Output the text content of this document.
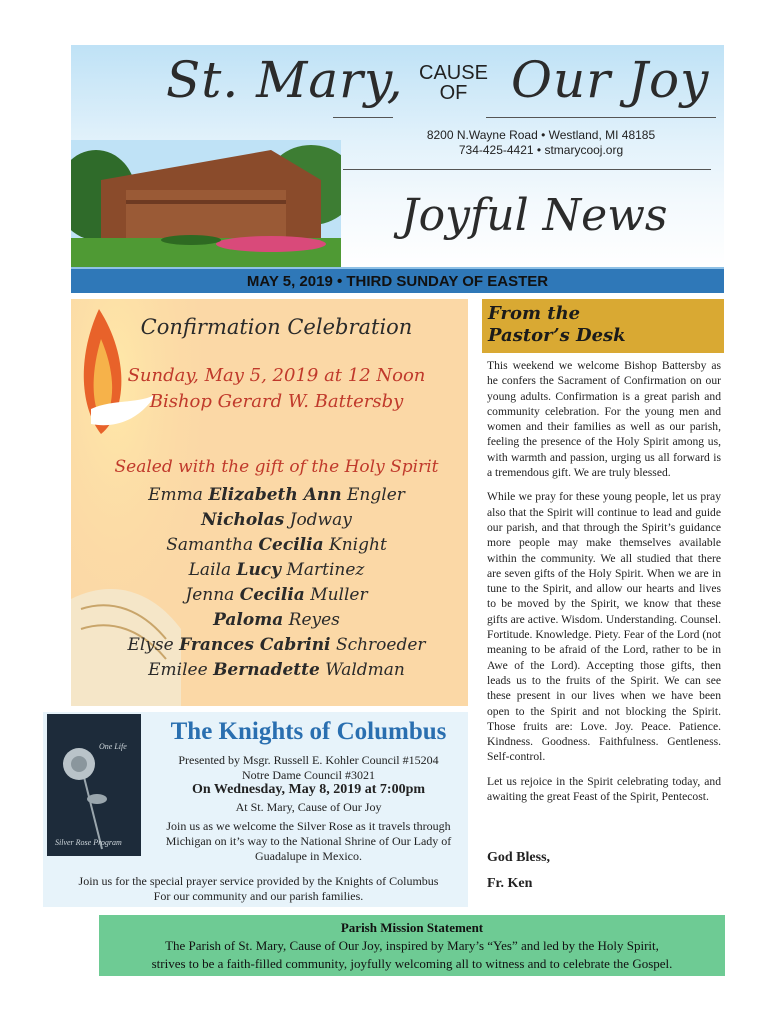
St. Mary, CAUSE
OF Our Joy
8200 N.Wayne Road • Westland, MI 48185
734-425-4421 • stmarycooj.org
Joyful News
MAY 5, 2019 • THIRD SUNDAY OF EASTER
Confirmation Celebration
Sunday, May 5, 2019 at 12 Noon
Bishop Gerard W. Battersby
Sealed with the gift of the Holy Spirit
Emma Elizabeth Ann Engler
Nicholas Jodway
Samantha Cecilia Knight
Laila Lucy Martinez
Jenna Cecilia Muller
Paloma Reyes
Elyse Frances Cabrini Schroeder
Emilee Bernadette Waldman
One Life
Silver Rose Program
The Knights of Columbus
Presented by Msgr. Russell E. Kohler Council #15204
Notre Dame Council #3021
On Wednesday, May 8, 2019 at 7:00pm
At St. Mary, Cause of Our Joy
Join us as we welcome the Silver Rose as it travels through Michigan on it’s way to the National Shrine of Our Lady of Guadalupe in Mexico.
Join us for the special prayer service provided by the Knights of Columbus
For our community and our parish families.
From the
Pastor’s Desk

This weekend we welcome Bishop Battersby as he confers the Sacrament of Confirmation on our young adults. Confirmation is a great parish and community celebration. For the young men and women and their families as well as our parish, feeling the presence of the Holy Spirit among us, with warmth and passion, urging us all forward is a tremendous gift. We are truly blessed.

While we pray for these young people, let us pray also that the Spirit will continue to lead and guide our parish, and that through the Spirit’s guidance more people may make themselves available within the community. We all studied that there are seven gifts of the Holy Spirit. When we are in tune to the Spirit, and allow our hearts and lives to be moved by the Spirit, we know that these gifts are active. Wisdom. Understanding. Counsel. Fortitude. Knowledge. Piety. Fear of the Lord (not meaning to be afraid of the Lord, rather to be in Awe of the Lord). Accepting those gifts, then leads us to the fruits of the Spirit. We can see these present in our lives when we have been open to the Spirit and not blocking the Spirit. Those fruits are: Love. Joy. Peace. Patience. Kindness. Goodness. Faithfulness. Gentleness. Self-control.

Let us rejoice in the Spirit celebrating today, and awaiting the great Feast of the Spirit, Pentecost.

God Bless,
Fr. Ken
Parish Mission Statement
The Parish of St. Mary, Cause of Our Joy, inspired by Mary’s “Yes” and led by the Holy Spirit,
strives to be a faith-filled community, joyfully welcoming all to witness and to celebrate the Gospel.
